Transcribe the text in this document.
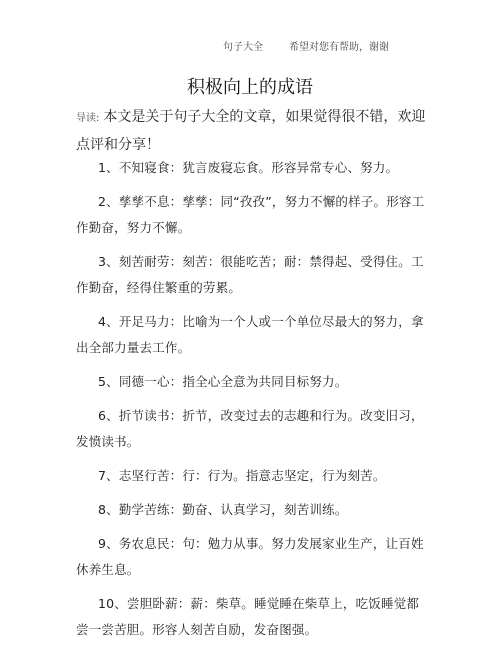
句子大全	希望对您有帮助，谢谢
积极向上的成语
导读: 本文是关于句子大全的文章，如果觉得很不错，欢迎点评和分享！

1、不知寝食：犹言废寝忘食。形容异常专心、努力。

2、孳孳不息：孳孳：同“孜孜”，努力不懈的样子。形容工作勤奋，努力不懈。

3、刻苦耐劳：刻苦：很能吃苦；耐：禁得起、受得住。工作勤奋，经得住繁重的劳累。

4、开足马力：比喻为一个人或一个单位尽最大的努力，拿出全部力量去工作。

5、同德一心：指全心全意为共同目标努力。

6、折节读书：折节，改变过去的志趣和行为。改变旧习，发愤读书。

7、志坚行苦：行：行为。指意志坚定，行为刻苦。

8、勤学苦练：勤奋、认真学习，刻苦训练。

9、务农息民：句：勉力从事。努力发展家业生产，让百姓休养生息。

10、尝胆卧薪：薪：柴草。睡觉睡在柴草上，吃饭睡觉都尝一尝苦胆。形容人刻苦自励，发奋图强。
